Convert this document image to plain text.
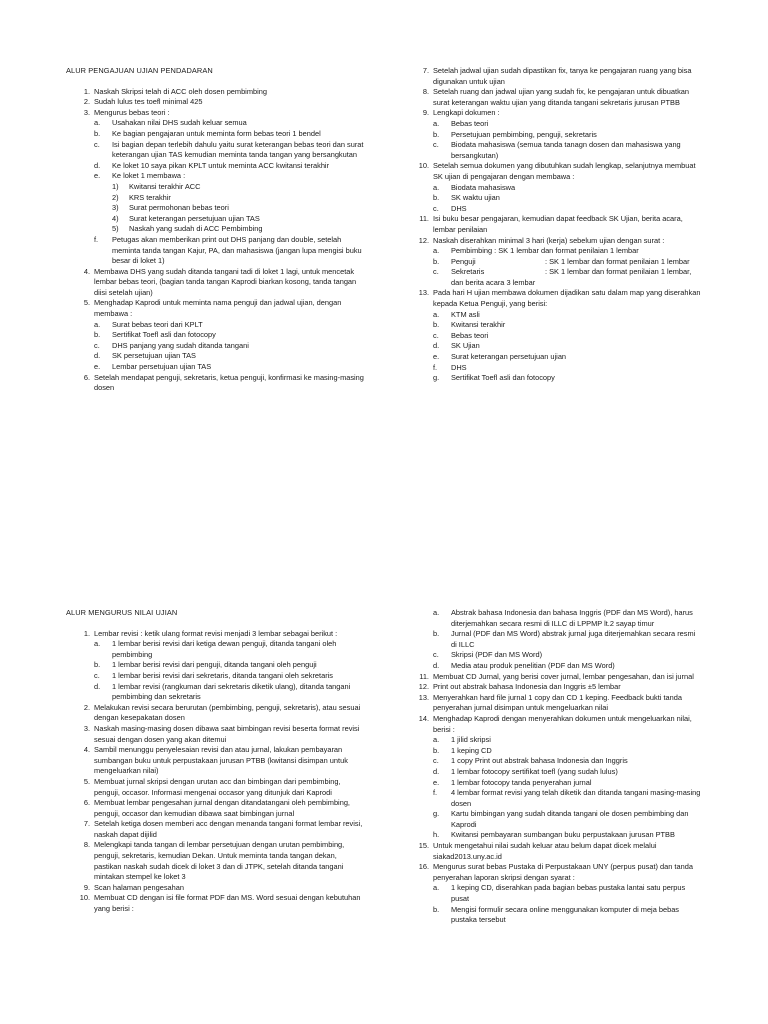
ALUR PENGAJUAN UJIAN PENDADARAN
1. Naskah Skripsi telah di ACC oleh dosen pembimbing
2. Sudah lulus tes toefl minimal 425
3. Mengurus bebas teori :
a. Usahakan nilai DHS sudah keluar semua
b. Ke bagian pengajaran untuk meminta form bebas teori 1 bendel
c. Isi bagian depan terlebih dahulu yaitu surat keterangan bebas teori dan surat keterangan ujian TAS kemudian meminta tanda tangan yang bersangkutan
d. Ke loket 10 saya pikan KPLT untuk meminta ACC kwitansi terakhir
e. Ke loket 1 membawa :
1) Kwitansi terakhir ACC
2) KRS terakhir
3) Surat permohonan bebas teori
4) Surat keterangan persetujuan ujian TAS
5) Naskah yang sudah di ACC Pembimbing
f. Petugas akan memberikan print out DHS panjang dan double, setelah meminta tanda tangan Kajur, PA, dan mahasiswa (jangan lupa mengisi buku besar di loket 1)
4. Membawa DHS yang sudah ditanda tangani tadi di loket 1 lagi, untuk mencetak lembar bebas teori, (bagian tanda tangan Kaprodi biarkan kosong, tanda tangan diisi setelah ujian)
5. Menghadap Kaprodi untuk meminta nama penguji dan jadwal ujian, dengan membawa :
a. Surat bebas teori dari KPLT
b. Sertifikat Toefl asli dan fotocopy
c. DHS panjang yang sudah ditanda tangani
d. SK persetujuan ujian TAS
e. Lembar persetujuan ujian TAS
6. Setelah mendapat penguji, sekretaris, ketua penguji, konfirmasi ke masing-masing dosen
7. Setelah jadwal ujian sudah dipastikan fix, tanya ke pengajaran ruang yang bisa digunakan untuk ujian
8. Setelah ruang dan jadwal ujian yang sudah fix, ke pengajaran untuk dibuatkan surat keterangan waktu ujian yang ditanda tangani sekretaris jurusan PTBB
9. Lengkapi dokumen :
a. Bebas teori
b. Persetujuan pembimbing, penguji, sekretaris
c. Biodata mahasiswa (semua tanda tanagn dosen dan mahasiswa yang bersangkutan)
10. Setelah semua dokumen yang dibutuhkan sudah lengkap, selanjutnya membuat SK ujian di pengajaran dengan membawa :
a. Biodata mahasiswa
b. SK waktu ujian
c. DHS
11. Isi buku besar pengajaran, kemudian dapat feedback SK Ujian, berita acara, lembar penilaian
12. Naskah diserahkan minimal 3 hari (kerja) sebelum ujian dengan surat :
a. Pembimbing : SK 1 lembar dan format penilaian 1 lembar
b. Penguji	: SK 1 lembar dan format penilaian 1 lembar
c. Sekretaris	: SK 1 lembar dan format penilaian 1 lembar, dan berita acara 3 lembar
13. Pada hari H ujian membawa dokumen dijadikan satu dalam map yang diserahkan kepada Ketua Penguji, yang berisi:
a. KTM asli
b. Kwitansi terakhir
c. Bebas teori
d. SK Ujian
e. Surat keterangan persetujuan ujian
f. DHS
g. Sertifikat Toefl asli dan fotocopy
ALUR MENGURUS NILAI UJIAN
1. Lembar revisi : ketik ulang format revisi menjadi 3 lembar sebagai berikut :
a. 1 lembar berisi revisi dari ketiga dewan penguji, ditanda tangani oleh pembimbing
b. 1 lembar berisi revisi dari penguji, ditanda tangani oleh penguji
c. 1 lembar berisi revisi dari sekretaris, ditanda tangani oleh sekretaris
d. 1 lembar revisi (rangkuman dari sekretaris diketik ulang), ditanda tangani pembimbing dan sekretaris
2. Melakukan revisi secara berurutan (pembimbing, penguji, sekretaris), atau sesuai dengan kesepakatan dosen
3. Naskah masing-masing dosen dibawa saat bimbingan revisi beserta format revisi sesuai dengan dosen yang akan ditemui
4. Sambil menunggu penyelesaian revisi dan atau jurnal, lakukan pembayaran sumbangan buku untuk perpustakaan jurusan PTBB (kwitansi disimpan untuk mengeluarkan nilai)
5. Membuat jurnal skripsi dengan urutan acc dan bimbingan dari pembimbing, penguji, occasor. Informasi mengenai occasor yang ditunjuk dari Kaprodi
6. Membuat lembar pengesahan jurnal dengan ditandatangani oleh pembimbing, penguji, occasor dan kemudian dibawa saat bimbingan jurnal
7. Setelah ketiga dosen memberi acc dengan menanda tangani format lembar revisi, naskah dapat dijilid
8. Melengkapi tanda tangan di lembar persetujuan dengan urutan pembimbing, penguji, sekretaris, kemudian Dekan. Untuk meminta tanda tangan dekan, pastikan naskah sudah dicek di loket 3 dan di JTPK, setelah ditanda tangani mintakan stempel ke loket 3
9. Scan halaman pengesahan
10. Membuat CD dengan isi file format PDF dan MS. Word sesuai dengan kebutuhan yang berisi :
a. Abstrak bahasa Indonesia dan bahasa Inggris (PDF dan MS Word), harus diterjemahkan secara resmi di ILLC di LPPMP lt.2 sayap timur
b. Jurnal (PDF dan MS Word) abstrak jurnal juga diterjemahkan secara resmi di ILLC
c. Skripsi (PDF dan MS Word)
d. Media atau produk penelitian (PDF dan MS Word)
11. Membuat CD Jurnal, yang berisi cover jurnal, lembar pengesahan, dan isi jurnal
12. Print out abstrak bahasa Indonesia dan Inggris ±5 lembar
13. Menyerahkan hard file jurnal 1 copy dan CD 1 keping. Feedback bukti tanda penyerahan jurnal disimpan untuk mengeluarkan nilai
14. Menghadap Kaprodi dengan menyerahkan dokumen untuk mengeluarkan nilai, berisi :
a. 1 jilid skripsi
b. 1 keping CD
c. 1 copy Print out abstrak bahasa Indonesia dan Inggris
d. 1 lembar fotocopy sertifikat toefl (yang sudah lulus)
e. 1 lembar fotocopy tanda penyerahan jurnal
f. 4 lembar format revisi yang telah diketik dan ditanda tangani masing-masing dosen
g. Kartu bimbingan yang sudah ditanda tangani ole dosen pembimbing dan Kaprodi
h. Kwitansi pembayaran sumbangan buku perpustakaan jurusan PTBB
15. Untuk mengetahui nilai sudah keluar atau belum dapat dicek melalui siakad2013.uny.ac.id
16. Mengurus surat bebas Pustaka di Perpustakaan UNY (perpus pusat) dan tanda penyerahan laporan skripsi dengan syarat :
a. 1 keping CD, diserahkan pada bagian bebas pustaka lantai satu perpus pusat
b. Mengisi formulir secara online menggunakan komputer di meja bebas pustaka tersebut
